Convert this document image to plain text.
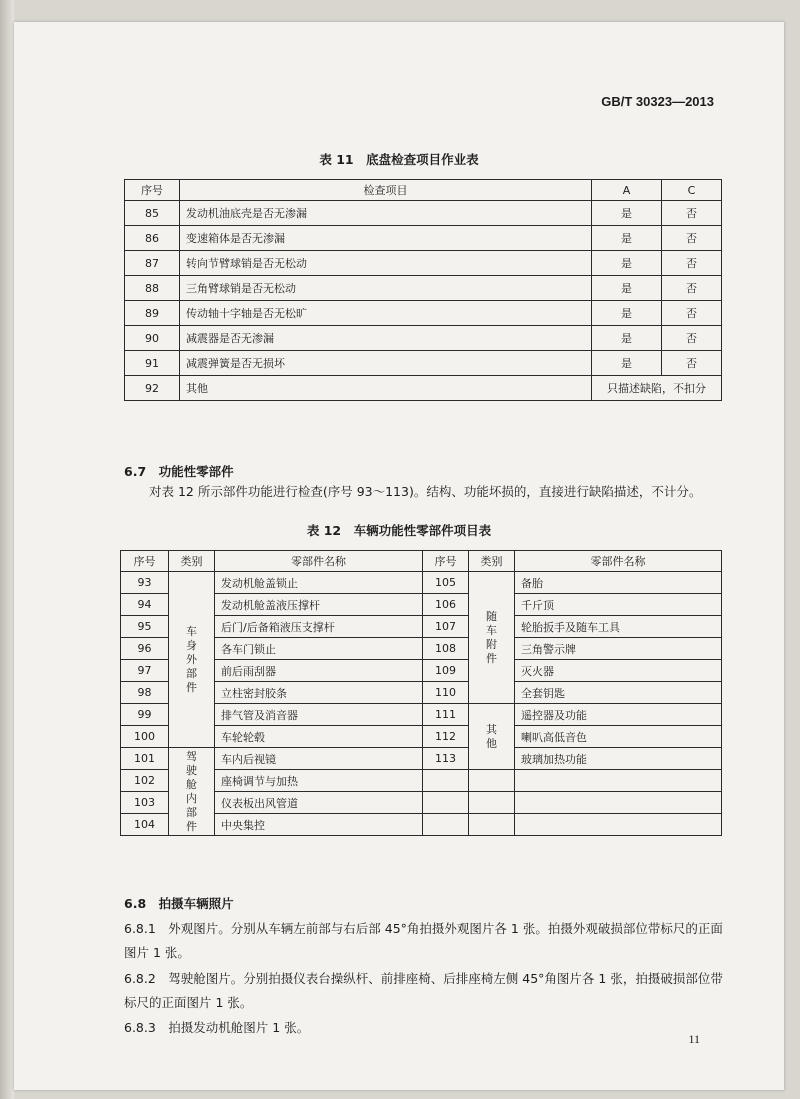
GB/T 30323—2013
表 11　底盘检查项目作业表
序号	检查项目	A	C
85	发动机油底壳是否无渗漏	是	否
86	变速箱体是否无渗漏	是	否
87	转向节臂球销是否无松动	是	否
88	三角臂球销是否无松动	是	否
89	传动轴十字轴是否无松旷	是	否
90	减震器是否无渗漏	是	否
91	减震弹簧是否无损坏	是	否
92	其他	只描述缺陷，不扣分	
6.7　功能性零部件
对表 12 所示部件功能进行检查(序号 93～113)。结构、功能坏损的，直接进行缺陷描述，不计分。
表 12　车辆功能性零部件项目表
序号	类别	零部件名称	序号	类别	零部件名称
93	车身外部件	发动机舱盖锁止	105	随车附件	备胎
94		发动机舱盖液压撑杆	106		千斤顶
95		后门/后备箱液压支撑杆	107		轮胎扳手及随车工具
96		各车门锁止	108		三角警示牌
97		前后雨刮器	109		灭火器
98		立柱密封胶条	110		全套钥匙
99		排气管及消音器	111	其他	遥控器及功能
100		车轮轮毂	112		喇叭高低音色
101	驾驶舱内部件	车内后视镜	113		玻璃加热功能
102		座椅调节与加热			
103		仪表板出风管道			
104		中央集控			
6.8　拍摄车辆照片
6.8.1　外观图片。分别从车辆左前部与右后部 45°角拍摄外观图片各 1 张。拍摄外观破损部位带标尺的正面图片 1 张。
6.8.2　驾驶舱图片。分别拍摄仪表台操纵杆、前排座椅、后排座椅左侧 45°角图片各 1 张，拍摄破损部位带标尺的正面图片 1 张。
6.8.3　拍摄发动机舱图片 1 张。
11
